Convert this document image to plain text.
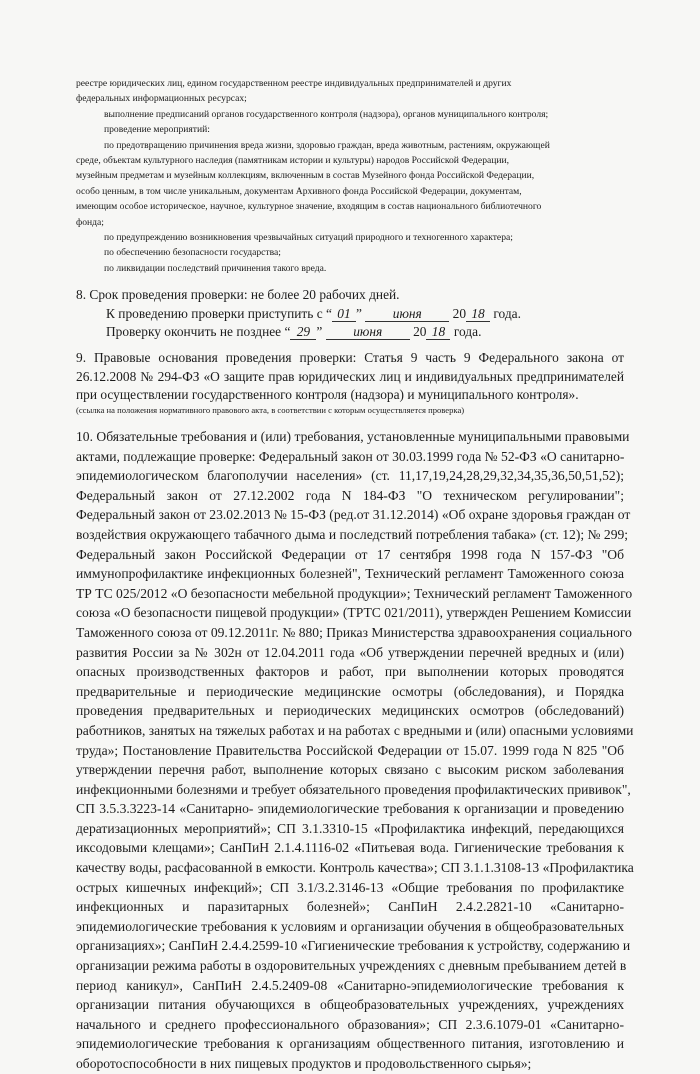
реестре юридических лиц, едином государственном реестре индивидуальных предпринимателей и других
федеральных информационных ресурсах;
выполнение предписаний органов государственного контроля (надзора), органов муниципального контроля;
проведение мероприятий:
по предотвращению причинения вреда жизни, здоровью граждан, вреда животным, растениям, окружающей
среде, объектам культурного наследия (памятникам истории и культуры) народов Российской Федерации,
музейным предметам и музейным коллекциям, включенным в состав Музейного фонда Российской Федерации,
особо ценным, в том числе уникальным, документам Архивного фонда Российской Федерации, документам,
имеющим особое историческое, научное, культурное значение, входящим в состав национального библиотечного
фонда;
по предупреждению возникновения чрезвычайных ситуаций природного и техногенного характера;
по обеспечению безопасности государства;
по ликвидации последствий причинения такого вреда.
8. Срок проведения проверки: не более 20 рабочих дней.
К проведению проверки приступить с “ 01 ” июня 20 18 года.
Проверку окончить не позднее “ 29 ” июня 20 18 года.
9. Правовые основания проведения проверки: Статья 9 часть 9 Федерального закона от
26.12.2008 № 294-ФЗ «О защите прав юридических лиц и индивидуальных предпринимателей
при осуществлении государственного контроля (надзора) и муниципального контроля».
(ссылка на положения нормативного правового акта, в соответствии с которым осуществляется проверка)
10. Обязательные требования и (или) требования, установленные муниципальными правовыми
актами, подлежащие проверке: Федеральный закон от 30.03.1999 года № 52-ФЗ «О санитарно-
эпидемиологическом благополучии населения» (ст. 11,17,19,24,28,29,32,34,35,36,50,51,52);
Федеральный закон от 27.12.2002 года N 184-ФЗ "О техническом регулировании";
Федеральный закон от 23.02.2013 № 15-ФЗ (ред.от 31.12.2014) «Об охране здоровья граждан от
воздействия окружающего табачного дыма и последствий потребления табака» (ст. 12); № 299;
Федеральный закон Российской Федерации от 17 сентября 1998 года N 157-ФЗ "Об
иммунопрофилактике инфекционных болезней", Технический регламент Таможенного союза
ТР ТС 025/2012 «О безопасности мебельной продукции»; Технический регламент Таможенного
союза «О безопасности пищевой продукции» (ТРТС 021/2011), утвержден Решением Комиссии
Таможенного союза от 09.12.2011г. № 880; Приказ Министерства здравоохранения социального
развития России за № 302н от 12.04.2011 года «Об утверждении перечней вредных и (или)
опасных производственных факторов и работ, при выполнении которых проводятся
предварительные и периодические медицинские осмотры (обследования), и Порядка
проведения предварительных и периодических медицинских осмотров (обследований)
работников, занятых на тяжелых работах и на работах с вредными и (или) опасными условиями
труда»; Постановление Правительства Российской Федерации от 15.07. 1999 года N 825 "Об
утверждении перечня работ, выполнение которых связано с высоким риском заболевания
инфекционными болезнями и требует обязательного проведения профилактических прививок",
СП 3.5.3.3223-14 «Санитарно- эпидемиологические требования к организации и проведению
дератизационных мероприятий»; СП 3.1.3310-15 «Профилактика инфекций, передающихся
иксодовыми клещами»; СанПиН 2.1.4.1116-02 «Питьевая вода. Гигиенические требования к
качеству воды, расфасованной в емкости. Контроль качества»; СП 3.1.1.3108-13 «Профилактика
острых кишечных инфекций»; СП 3.1/3.2.3146-13 «Общие требования по профилактике
инфекционных и паразитарных болезней»; СанПиН 2.4.2.2821-10 «Санитарно-
эпидемиологические требования к условиям и организации обучения в общеобразовательных
организациях»; СанПиН 2.4.4.2599-10 «Гигиенические требования к устройству, содержанию и
организации режима работы в оздоровительных учреждениях с дневным пребыванием детей в
период каникул», СанПиН 2.4.5.2409-08 «Санитарно-эпидемиологические требования к
организации питания обучающихся в общеобразовательных учреждениях, учреждениях
начального и среднего профессионального образования»; СП 2.3.6.1079-01 «Санитарно-
эпидемиологические требования к организациям общественного питания, изготовлению и
оборотоспособности в них пищевых продуктов и продовольственного сырья»;
